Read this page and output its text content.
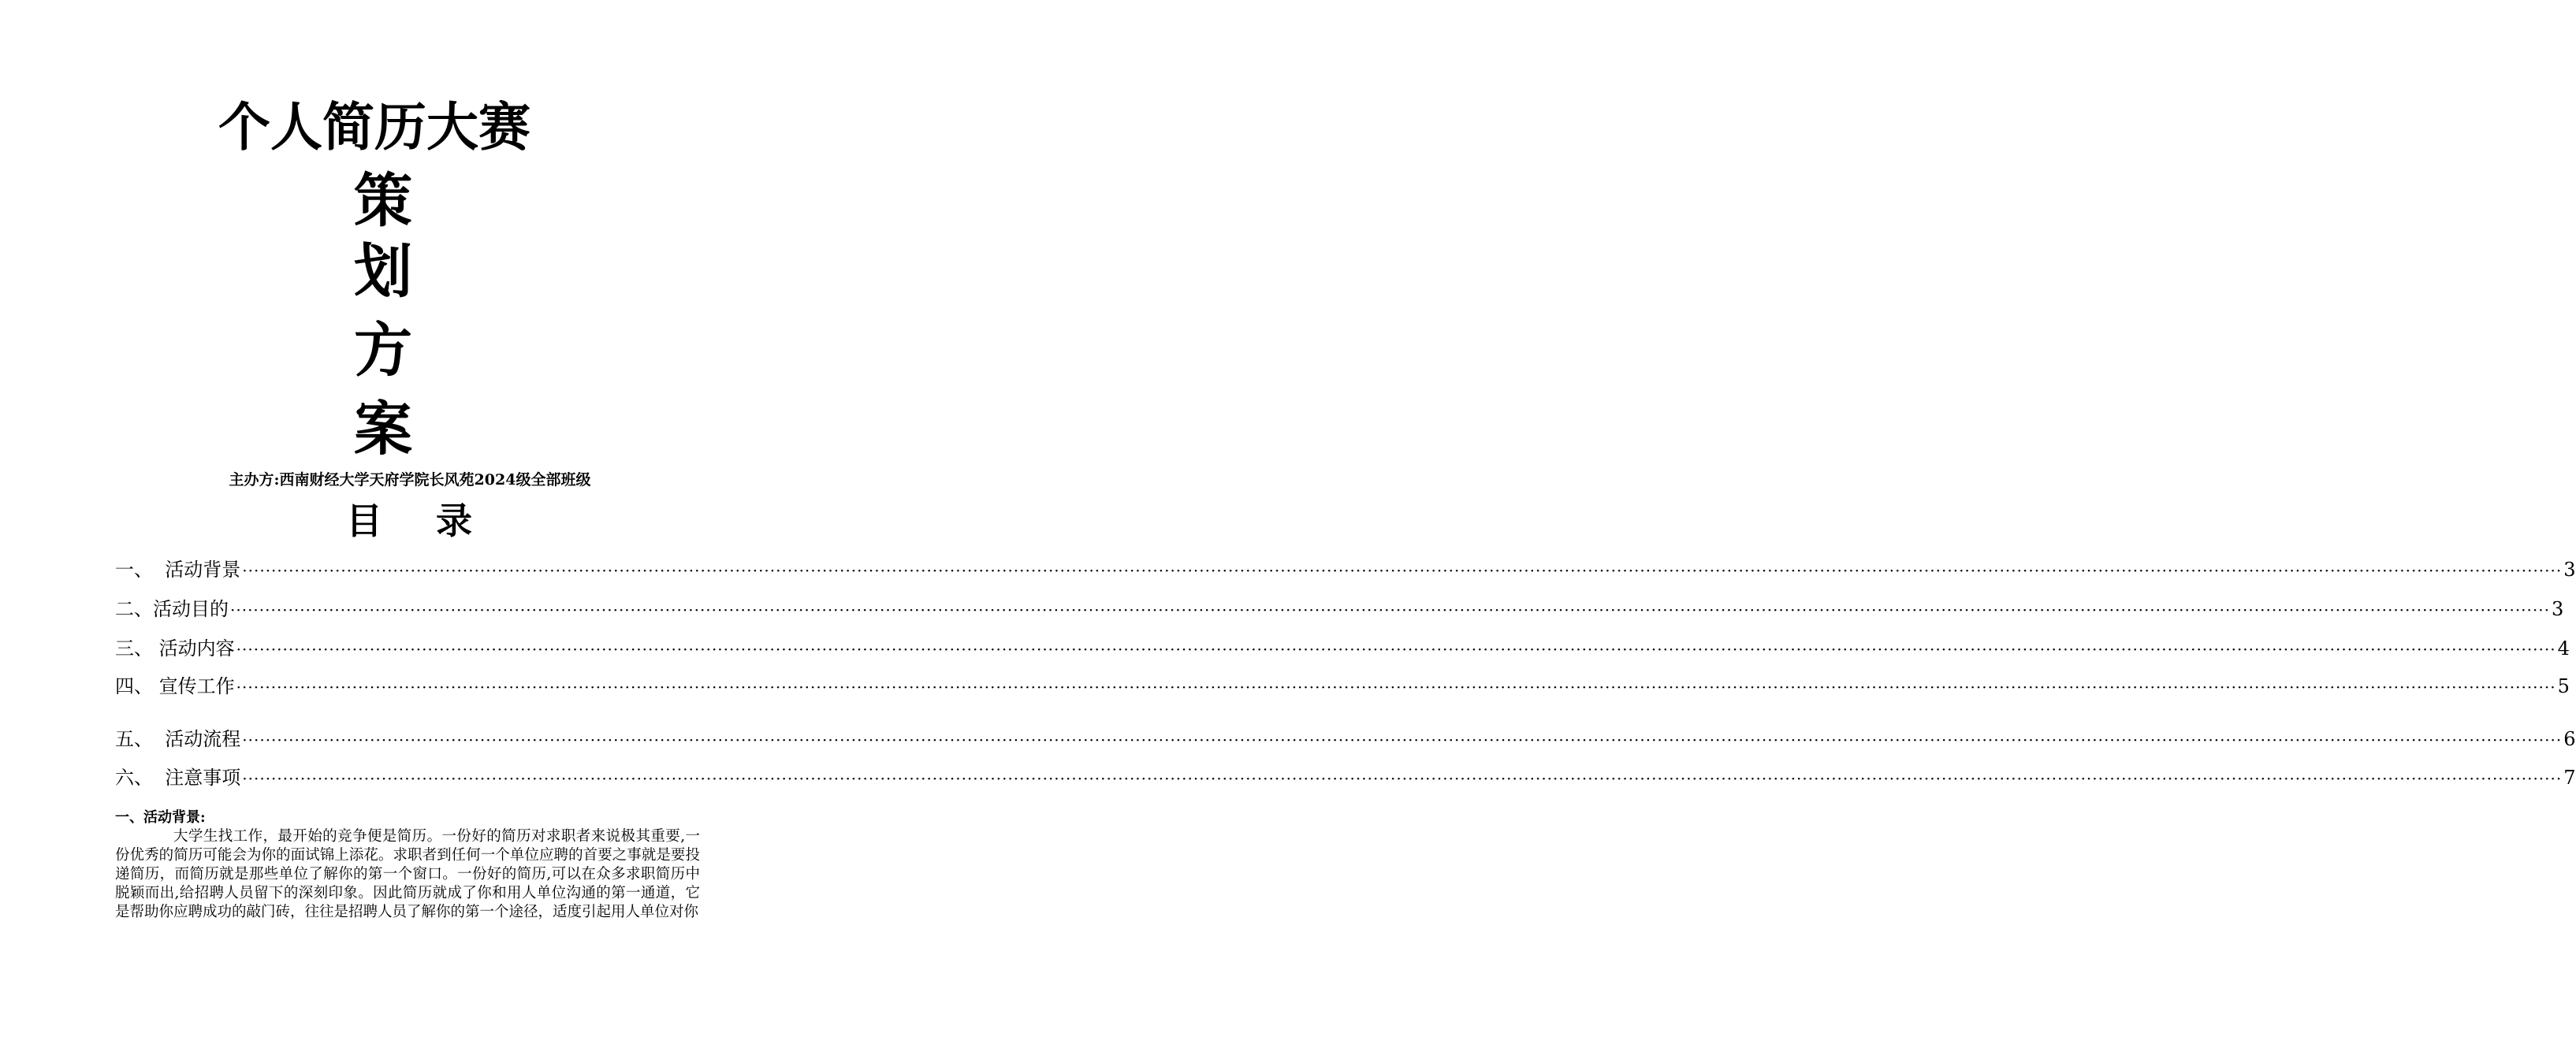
个人简历大赛
策
划
方
案
主办方:西南财经大学天府学院长风苑2024级全部班级
目 录
一、 活动背景 ················································································································································································································································································································································································································ 3
二、 活动目的 ················································································································································································································································································································································································································ 3
三、 活动内容 ················································································································································································································································································································································································································ 4
四、 宣传工作 ················································································································································································································································································································································································································ 5
五、 活动流程 ················································································································································································································································································································································································································ 6
六、 注意事项 ················································································································································································································································································································································································································ 7
一、活动背景:
大学生找工作，最开始的竞争便是简历。一份好的简历对求职者来说极其重要,一份优秀的简历可能会为你的面试锦上添花。求职者到任何一个单位应聘的首要之事就是要投递简历，而简历就是那些单位了解你的第一个窗口。一份好的简历,可以在众多求职简历中脱颖而出,给招聘人员留下的深刻印象。因此简历就成了你和用人单位沟通的第一通道，它是帮助你应聘成功的敲门砖，往往是招聘人员了解你的第一个途径，适度引起用人单位对你
